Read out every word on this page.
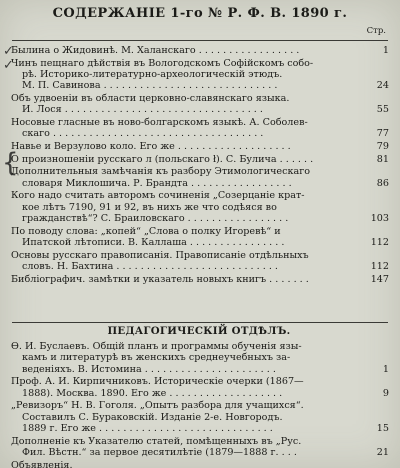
СОДЕРЖАНІЕ 1-го № Р. Ф. В. 1890 г.
Стр.
✓
✓
{
Былина о Жидовинѣ. М. Халанскаго . . . . . . . . . . . . . . . . .	1
Чинъ пещнаго дѣйствія въ Вологодскомъ Софійскомъ собо-
рѣ. Историко-литературно-археологическій этюдъ.
М. П. Савинова . . . . . . . . . . . . . . . . . . . . . . . . . . . . .	24
Объ удвоеніи въ области церковно-славянскаго языка.
И. Лося . . . . . . . . . . . . . . . . . . . . . . . . . . . . . . . . .	55
Носовые гласные въ ново-болгарскомъ языкѣ. А. Соболев-
скаго . . . . . . . . . . . . . . . . . . . . . . . . . . . . . . . . . . .	77
Навье и Верзулово коло. Его же . . . . . . . . . . . . . . . . . . .	79
О произношеніи русскаго л (польскаго ł). С. Булича . . . . . .	81
Дополнительныя замѣчанія къ разбору Этимологическаго
словаря Миклошича. Р. Брандта . . . . . . . . . . . . . . . . .	86
Кого надо считать авторомъ сочиненія „Созерцаніе крат-
кое лѣтъ 7190, 91 и 92, въ нихъ же что содѣяся во
гражданствѣ“? С. Браиловскаго . . . . . . . . . . . . . . . . .	103
По поводу слова: „копей“ „Слова о полку Игоревѣ“ и
Ипатской лѣтописи. В. Каллаша . . . . . . . . . . . . . . . .	112
Основы русскаго правописанія. Правописаніе отдѣльныхъ
словъ. Н. Бахтина . . . . . . . . . . . . . . . . . . . . . . . . . . .	112
Библіографич. замѣтки и указатель новыхъ книгъ . . . . . . .	147
ПЕДАГОГИЧЕСКІЙ ОТДѢЛЪ.
Ѳ. И. Буслаевъ. Общій планъ и программы обученія язы-
камъ и литературѣ въ женскихъ среднеучебныхъ за-
веденіяхъ. В. Истомина . . . . . . . . . . . . . . . . . . . . . .	1
Проф. А. И. Кирпичниковъ. Историческіе очерки (1867—
1888). Москва. 1890. Его же . . . . . . . . . . . . . . . . . . .	9
„Ревизоръ“ Н. В. Гоголя. „Опытъ разбора для учащихся“.
Составилъ С. Бураковскій. Изданіе 2-е. Новгородъ.
1889 г. Его же . . . . . . . . . . . . . . . . . . . . . . . . . . . . .	15
Дополненіе къ Указателю статей, помѣщенныхъ въ „Рус.
Фил. Вѣстн.“ за первое десятилѣтіе (1879—1888 г. . . .	21
Объявленія.
